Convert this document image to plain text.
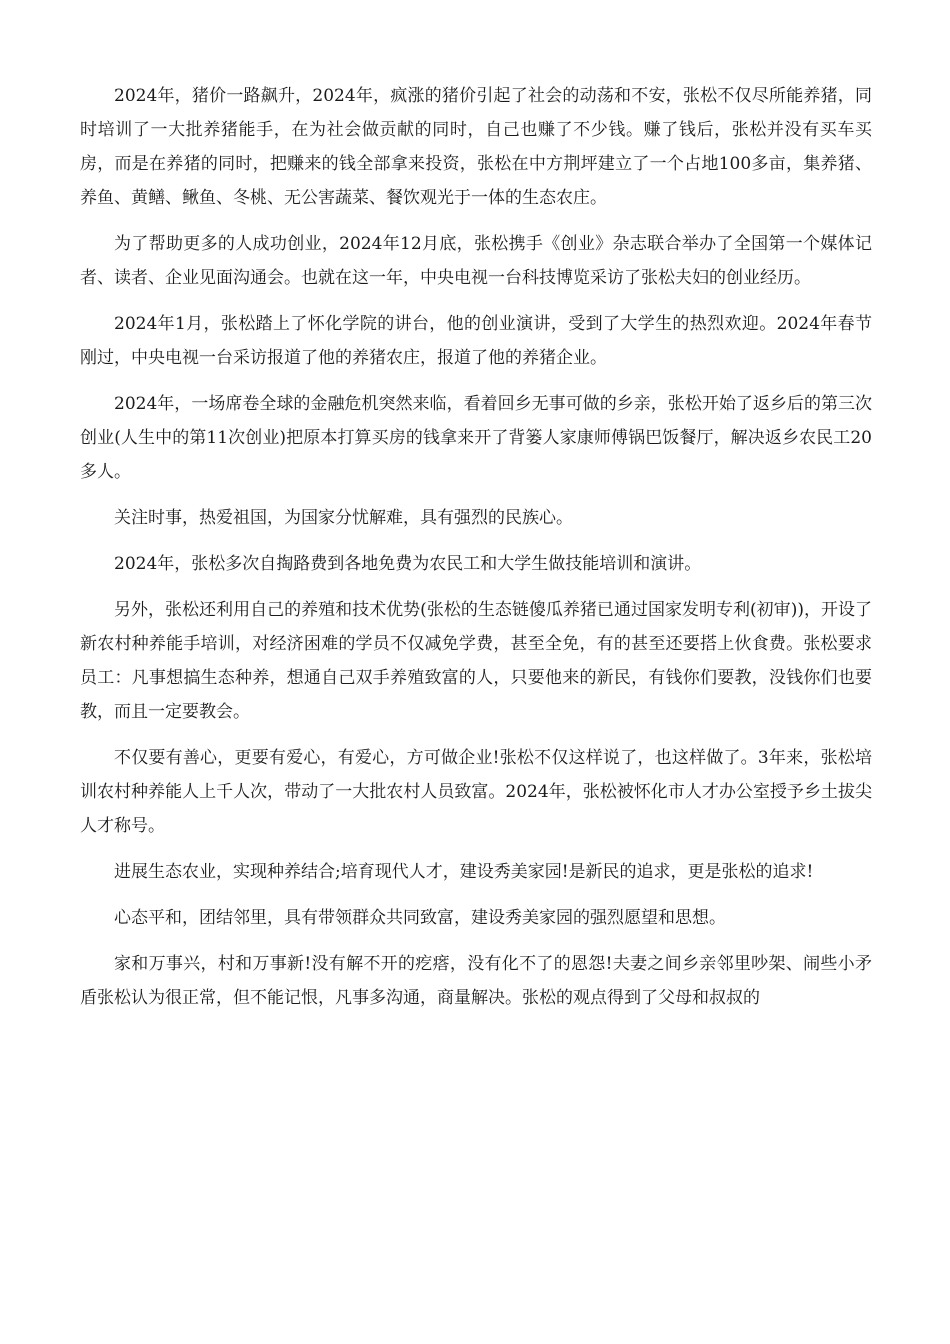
2024年，猪价一路飙升，2024年，疯涨的猪价引起了社会的动荡和不安，张松不仅尽所能养猪，同时培训了一大批养猪能手，在为社会做贡献的同时，自己也赚了不少钱。赚了钱后，张松并没有买车买房，而是在养猪的同时，把赚来的钱全部拿来投资，张松在中方荆坪建立了一个占地100多亩，集养猪、养鱼、黄鳝、鳅鱼、冬桃、无公害蔬菜、餐饮观光于一体的生态农庄。

为了帮助更多的人成功创业，2024年12月底，张松携手《创业》杂志联合举办了全国第一个媒体记者、读者、企业见面沟通会。也就在这一年，中央电视一台科技博览采访了张松夫妇的创业经历。

2024年1月，张松踏上了怀化学院的讲台，他的创业演讲，受到了大学生的热烈欢迎。2024年春节刚过，中央电视一台采访报道了他的养猪农庄，报道了他的养猪企业。

2024年，一场席卷全球的金融危机突然来临，看着回乡无事可做的乡亲，张松开始了返乡后的第三次创业(人生中的第11次创业)把原本打算买房的钱拿来开了背篓人家康师傅锅巴饭餐厅，解决返乡农民工20多人。

关注时事，热爱祖国，为国家分忧解难，具有强烈的民族心。

2024年，张松多次自掏路费到各地免费为农民工和大学生做技能培训和演讲。

另外，张松还利用自己的养殖和技术优势(张松的生态链傻瓜养猪已通过国家发明专利(初审))，开设了新农村种养能手培训，对经济困难的学员不仅减免学费，甚至全免，有的甚至还要搭上伙食费。张松要求员工：凡事想搞生态种养，想通自己双手养殖致富的人，只要他来的新民，有钱你们要教，没钱你们也要教，而且一定要教会。

不仅要有善心，更要有爱心，有爱心，方可做企业!张松不仅这样说了，也这样做了。3年来，张松培训农村种养能人上千人次，带动了一大批农村人员致富。2024年，张松被怀化市人才办公室授予乡土拔尖人才称号。

进展生态农业，实现种养结合;培育现代人才，建设秀美家园!是新民的追求，更是张松的追求!

心态平和，团结邻里，具有带领群众共同致富，建设秀美家园的强烈愿望和思想。

家和万事兴，村和万事新!没有解不开的疙瘩，没有化不了的恩怨!夫妻之间乡亲邻里吵架、闹些小矛盾张松认为很正常，但不能记恨，凡事多沟通，商量解决。张松的观点得到了父母和叔叔的
